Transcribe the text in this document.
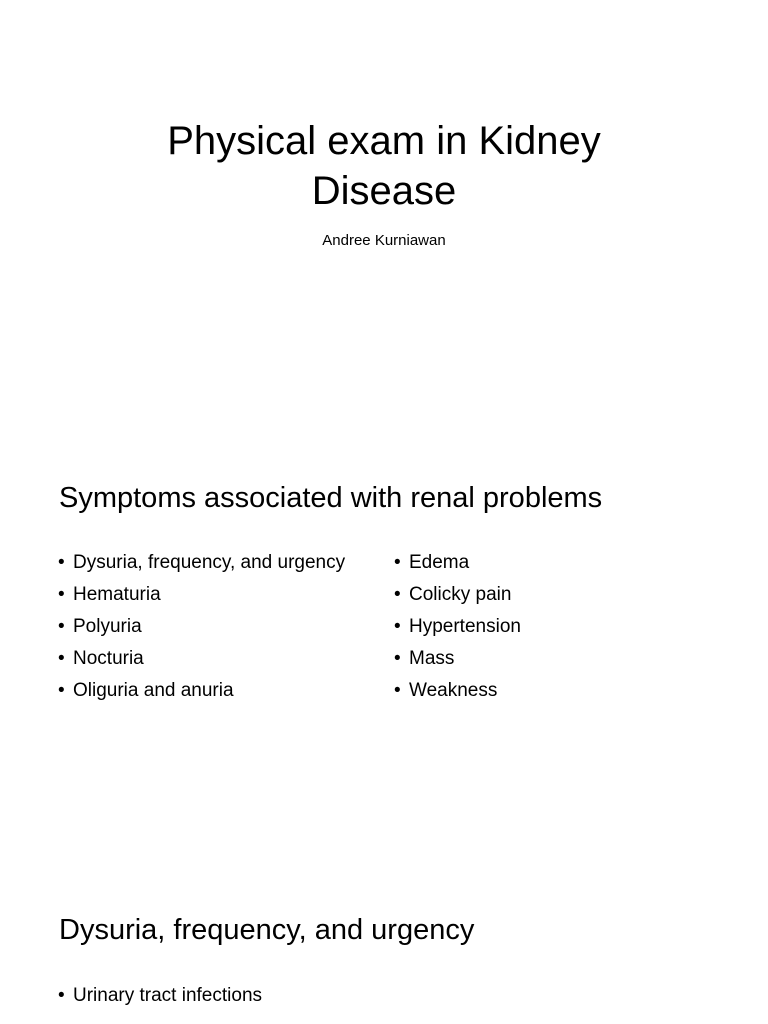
Physical exam in Kidney
Disease

Andree Kurniawan

Symptoms associated with renal problems
• Dysuria, frequency, and urgency
• Hematuria
• Polyuria
• Nocturia
• Oliguria and anuria
• Edema
• Colicky pain
• Hypertension
• Mass
• Weakness
Dysuria, frequency, and urgency
• Urinary tract infections
